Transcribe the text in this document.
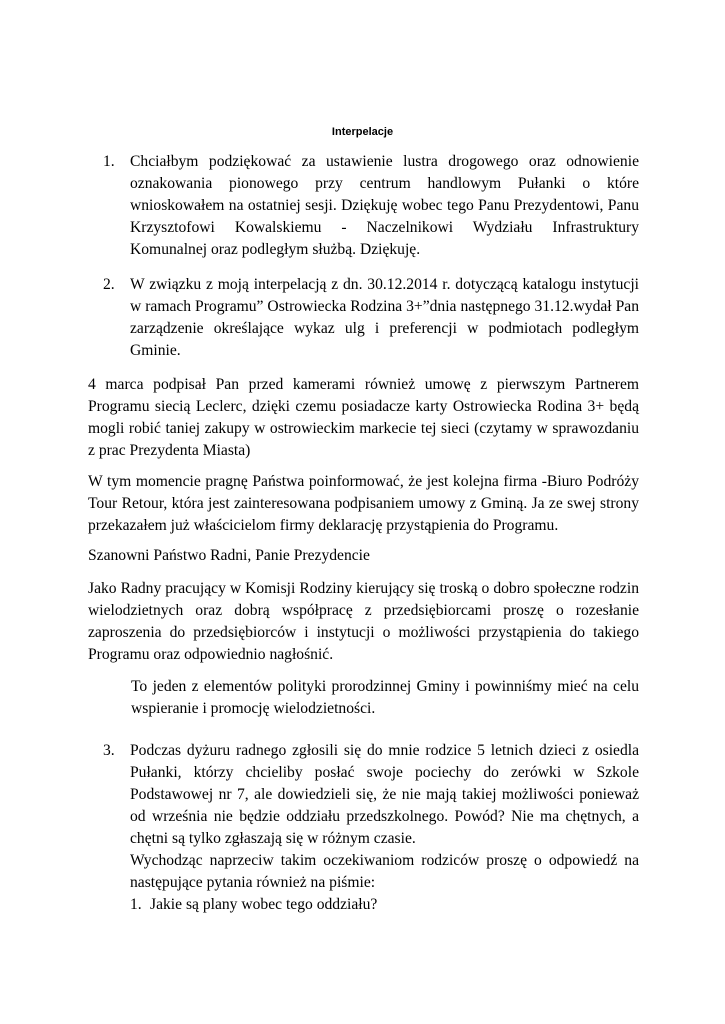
Interpelacje
1. Chciałbym podziękować za ustawienie lustra drogowego oraz odnowienie oznakowania pionowego przy centrum handlowym Pułanki o które wnioskowałem na ostatniej sesji. Dziękuję wobec tego Panu Prezydentowi, Panu Krzysztofowi Kowalskiemu - Naczelnikowi Wydziału Infrastruktury Komunalnej oraz podległym służbą. Dziękuję.
2. W związku z moją interpelacją z dn. 30.12.2014 r. dotyczącą katalogu instytucji w ramach Programu” Ostrowiecka Rodzina 3+”dnia następnego 31.12.wydał Pan zarządzenie określające wykaz ulg i preferencji w podmiotach podległym Gminie.
4 marca podpisał Pan przed kamerami również umowę z pierwszym Partnerem Programu siecią Leclerc, dzięki czemu posiadacze karty Ostrowiecka Rodina 3+ będą mogli robić taniej zakupy w ostrowieckim markecie tej sieci (czytamy w sprawozdaniu z prac Prezydenta Miasta)
W tym momencie pragnę Państwa poinformować, że jest kolejna firma -Biuro Podróży Tour Retour, która jest zainteresowana podpisaniem umowy z Gminą. Ja ze swej strony przekazałem już właścicielom firmy deklarację przystąpienia do Programu.
Szanowni Państwo Radni, Panie Prezydencie
Jako Radny pracujący w Komisji Rodziny kierujący się troską o dobro społeczne rodzin wielodzietnych oraz dobrą współpracę z przedsiębiorcami proszę o rozesłanie zaproszenia do przedsiębiorców i instytucji o możliwości przystąpienia do takiego Programu oraz odpowiednio nagłośnić.
To jeden z elementów polityki prorodzinnej Gminy i powinniśmy mieć na celu wspieranie i promocję wielodzietności.
3. Podczas dyżuru radnego zgłosili się do mnie rodzice 5 letnich dzieci z osiedla Pułanki, którzy chcieliby posłać swoje pociechy do zerówki w Szkole Podstawowej nr 7, ale dowiedzieli się, że nie mają takiej możliwości ponieważ od września nie będzie oddziału przedszkolnego. Powód? Nie ma chętnych, a chętni są tylko zgłaszają się w różnym czasie.
Wychodząc naprzeciw takim oczekiwaniom rodziców proszę o odpowiedź na następujące pytania również na piśmie:
1. Jakie są plany wobec tego oddziału?
